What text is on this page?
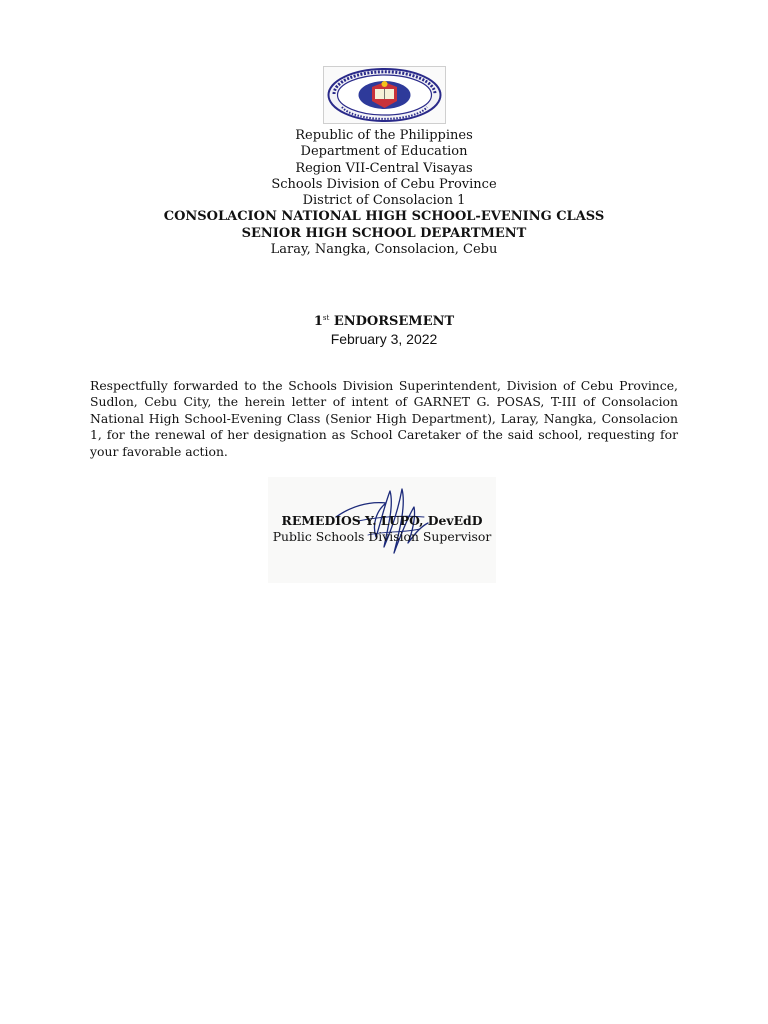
Republic of the Philippines
Department of Education
Region VII-Central Visayas
Schools Division of Cebu Province
District of Consolacion 1
CONSOLACION NATIONAL HIGH SCHOOL-EVENING CLASS
SENIOR HIGH SCHOOL DEPARTMENT
Laray, Nangka, Consolacion, Cebu
1st ENDORSEMENT
February 3, 2022
Respectfully forwarded to the Schools Division Superintendent, Division of Cebu Province, Sudlon, Cebu City, the herein letter of intent of GARNET G. POSAS, T-III of Consolacion National High School-Evening Class (Senior High Department), Laray, Nangka, Consolacion 1, for the renewal of her designation as School Caretaker of the said school, requesting for your favorable action.
REMEDIOS Y. LUPO, DevEdD
Public Schools Division Supervisor
